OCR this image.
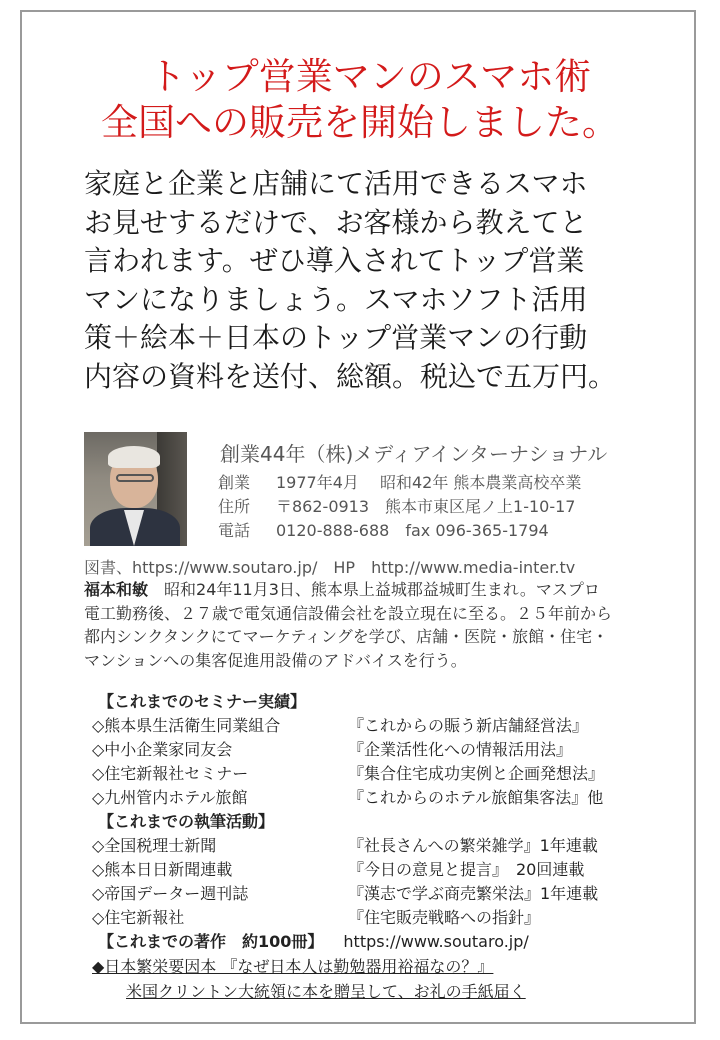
トップ営業マンのスマホ術
全国への販売を開始しました。
家庭と企業と店舗にて活用できるスマホ
お見せするだけで、お客様から教えてと
言われます。ぜひ導入されてトップ営業
マンになりましょう。スマホソフト活用
策＋絵本＋日本のトップ営業マンの行動
内容の資料を送付、総額。税込で五万円。
創業44年（株)メディアインターナショナル
創業 1977年4月　 昭和42年 熊本農業高校卒業
住所 〒862-0913　熊本市東区尾ノ上1-10-17
電話 0120-888-688　fax 096-365-1794
図書、https://www.soutaro.jp/　HP　http://www.media-inter.tv
福本和敏　昭和24年11月3日、熊本県上益城郡益城町生まれ。マスプロ
電工勤務後、２７歳で電気通信設備会社を設立現在に至る。２５年前から
都内シンクタンクにてマーケティングを学び、店舗・医院・旅館・住宅・
マンションへの集客促進用設備のアドバイスを行う。
【これまでのセミナー実績】
◇熊本県生活衛生同業組合	『これからの賑う新店舗経営法』
◇中小企業家同友会	『企業活性化への情報活用法』
◇住宅新報社セミナー	『集合住宅成功実例と企画発想法』
◇九州管内ホテル旅館	『これからのホテル旅館集客法』他
【これまでの執筆活動】
◇全国税理士新聞	『社長さんへの繁栄雑学』1年連載
◇熊本日日新聞連載	『今日の意見と提言』　20回連載
◇帝国データー週刊誌	『漢志で学ぶ商売繁栄法』1年連載
◇住宅新報社	『住宅販売戦略への指針』
【これまでの著作　約100冊】 https://www.soutaro.jp/
◆日本繁栄要因本 『なぜ日本人は勤勉器用裕福なの？』
米国クリントン大統領に本を贈呈して、お礼の手紙届く
